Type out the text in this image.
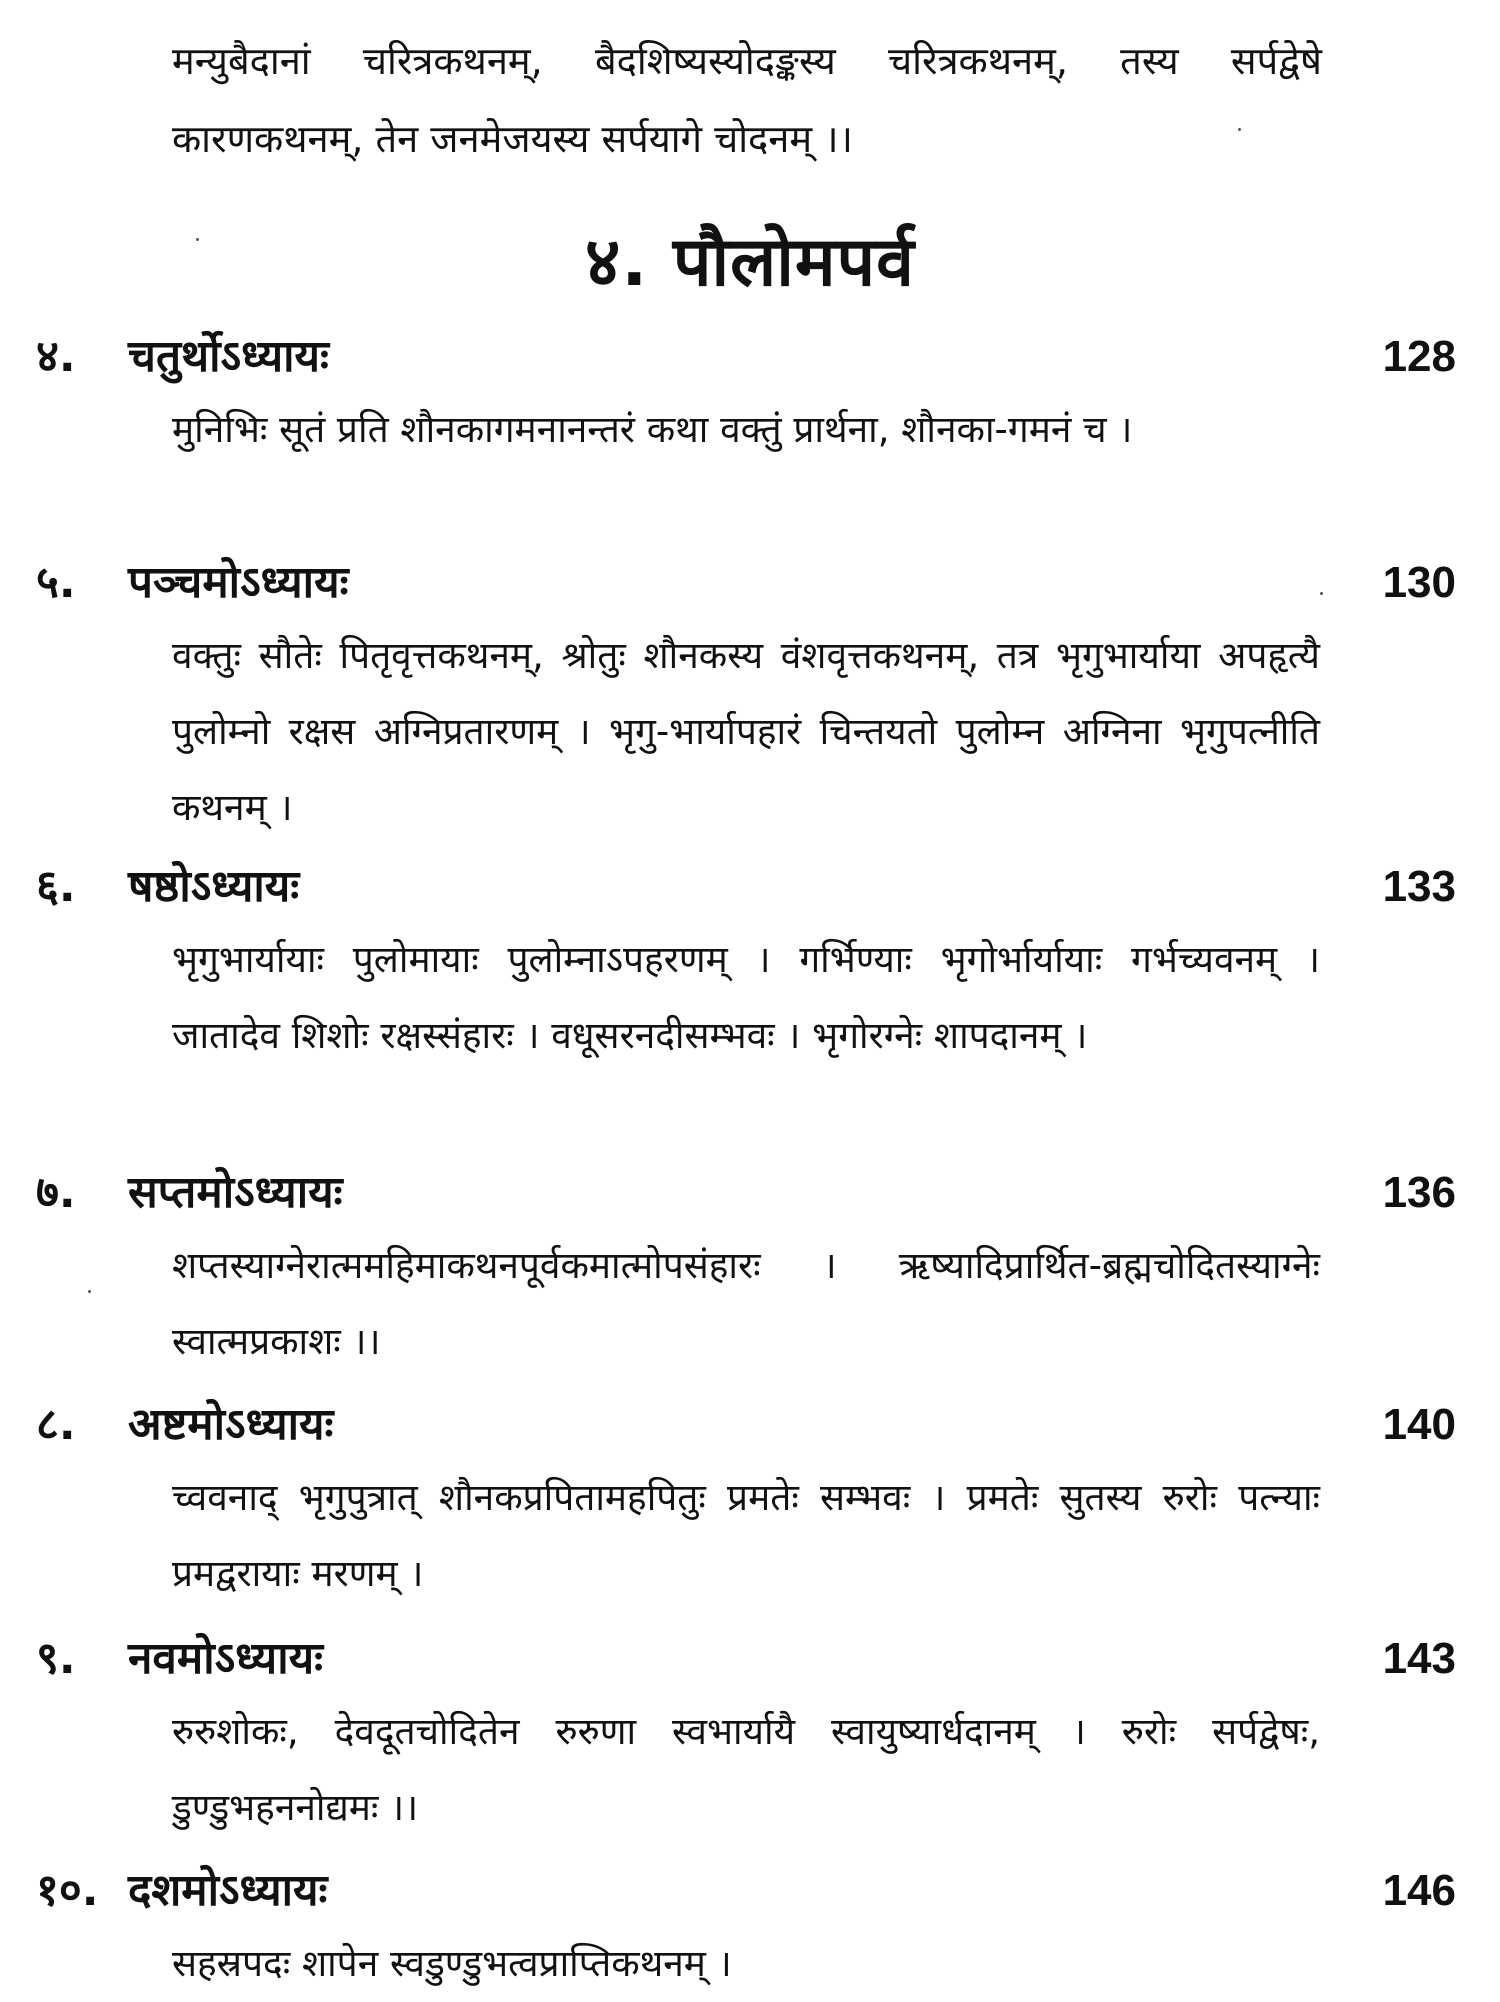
मन्युबैदानां चरित्रकथनम्, बैदशिष्यस्योदङ्कस्य चरित्रकथनम्, तस्य सर्पद्वेषे कारणकथनम्, तेन जनमेजयस्य सर्पयागे चोदनम् ।।

४. पौलोमपर्व
४. चतुर्थोऽध्यायः	128
मुनिभिः सूतं प्रति शौनकागमनानन्तरं कथा वक्तुं प्रार्थना, शौनका-गमनं च ।
५. पञ्चमोऽध्यायः	130
वक्तुः सौतेः पितृवृत्तकथनम्, श्रोतुः शौनकस्य वंशवृत्तकथनम्, तत्र भृगुभार्याया अपहृत्यै पुलोम्नो रक्षस अग्निप्रतारणम् । भृगु-भार्यापहारं चिन्तयतो पुलोम्न अग्निना भृगुपत्नीति कथनम् ।
६. षष्ठोऽध्यायः	133
भृगुभार्यायाः पुलोमायाः पुलोम्नाऽपहरणम् । गर्भिण्याः भृगोर्भार्यायाः गर्भच्यवनम् । जातादेव शिशोः रक्षस्संहारः । वधूसरनदीसम्भवः । भृगोरग्नेः शापदानम् ।
७. सप्तमोऽध्यायः	136
शप्तस्याग्नेरात्ममहिमाकथनपूर्वकमात्मोपसंहारः । ऋष्यादिप्रार्थित-ब्रह्मचोदितस्याग्नेः स्वात्मप्रकाशः ।।
८. अष्टमोऽध्यायः	140
च्ववनाद् भृगुपुत्रात् शौनकप्रपितामहपितुः प्रमतेः सम्भवः । प्रमतेः सुतस्य रुरोः पत्न्याः प्रमद्वरायाः मरणम् ।
९. नवमोऽध्यायः	143
रुरुशोकः, देवदूतचोदितेन रुरुणा स्वभार्यायै स्वायुष्यार्धदानम् । रुरोः सर्पद्वेषः, डुण्डुभहननोद्यमः ।।
१०. दशमोऽध्यायः	146
सहस्रपदः शापेन स्वडुण्डुभत्वप्राप्तिकथनम् ।
